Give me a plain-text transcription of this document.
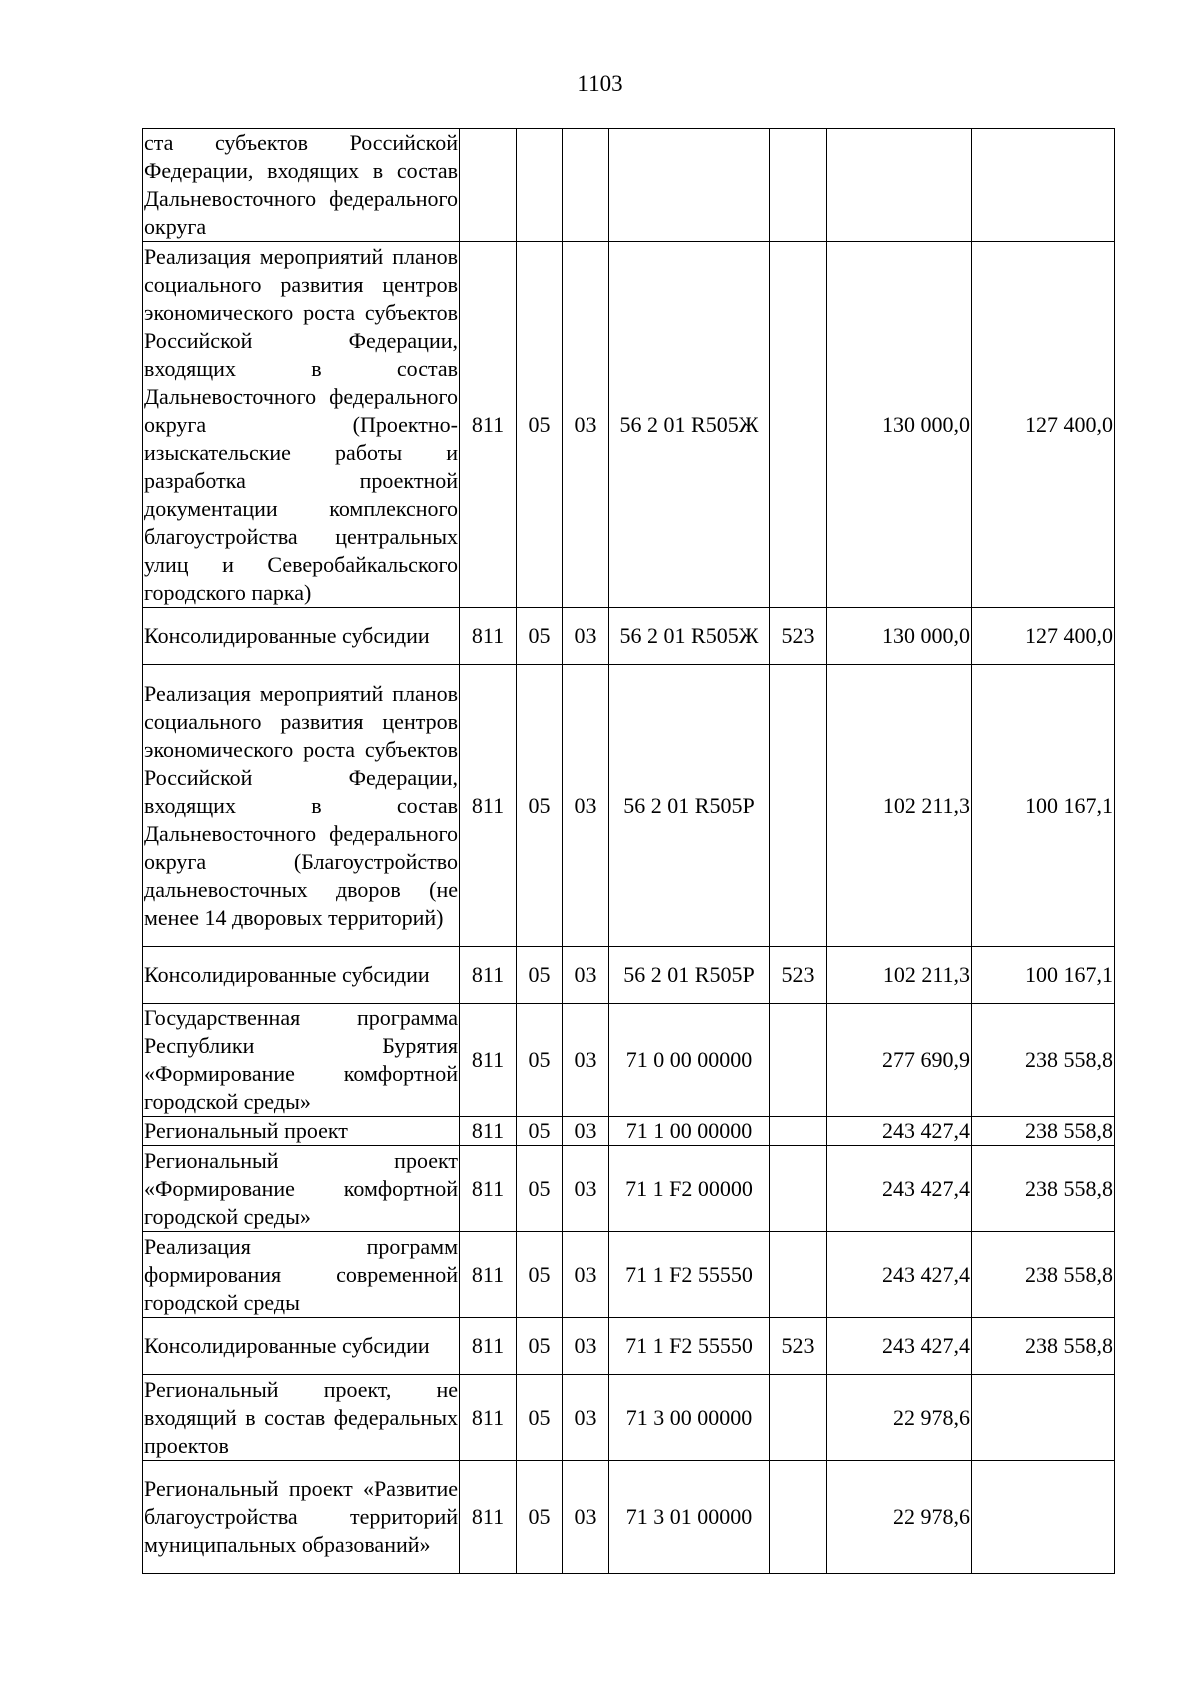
1103
ста субъектов Российской Федерации, входящих в состав Дальневосточного федерального округа							
Реализация мероприятий планов социального развития центров экономического роста субъектов Российской Федерации, входящих в состав Дальневосточного федерального округа (Проектно-изыскательские работы и разработка проектной документации комплексного благоустройства центральных улиц и Северобайкальского городского парка)	811	05	03	56 2 01 R505Ж		130 000,0	127 400,0
Консолидированные субсидии	811	05	03	56 2 01 R505Ж	523	130 000,0	127 400,0
Реализация мероприятий планов социального развития центров экономического роста субъектов Российской Федерации, входящих в состав Дальневосточного федерального округа (Благоустройство дальневосточных дворов (не менее 14 дворовых территорий)	811	05	03	56 2 01 R505Р		102 211,3	100 167,1
Консолидированные субсидии	811	05	03	56 2 01 R505Р	523	102 211,3	100 167,1
Государственная программа Республики Бурятия «Формирование комфортной городской среды»	811	05	03	71 0 00 00000		277 690,9	238 558,8
Региональный проект	811	05	03	71 1 00 00000		243 427,4	238 558,8
Региональный проект «Формирование комфортной городской среды»	811	05	03	71 1 F2 00000		243 427,4	238 558,8
Реализация программ формирования современной городской среды	811	05	03	71 1 F2 55550		243 427,4	238 558,8
Консолидированные субсидии	811	05	03	71 1 F2 55550	523	243 427,4	238 558,8
Региональный проект, не входящий в состав федеральных проектов	811	05	03	71 3 00 00000		22 978,6	
Региональный проект «Развитие благоустройства территорий муниципальных образований»	811	05	03	71 3 01 00000		22 978,6	
